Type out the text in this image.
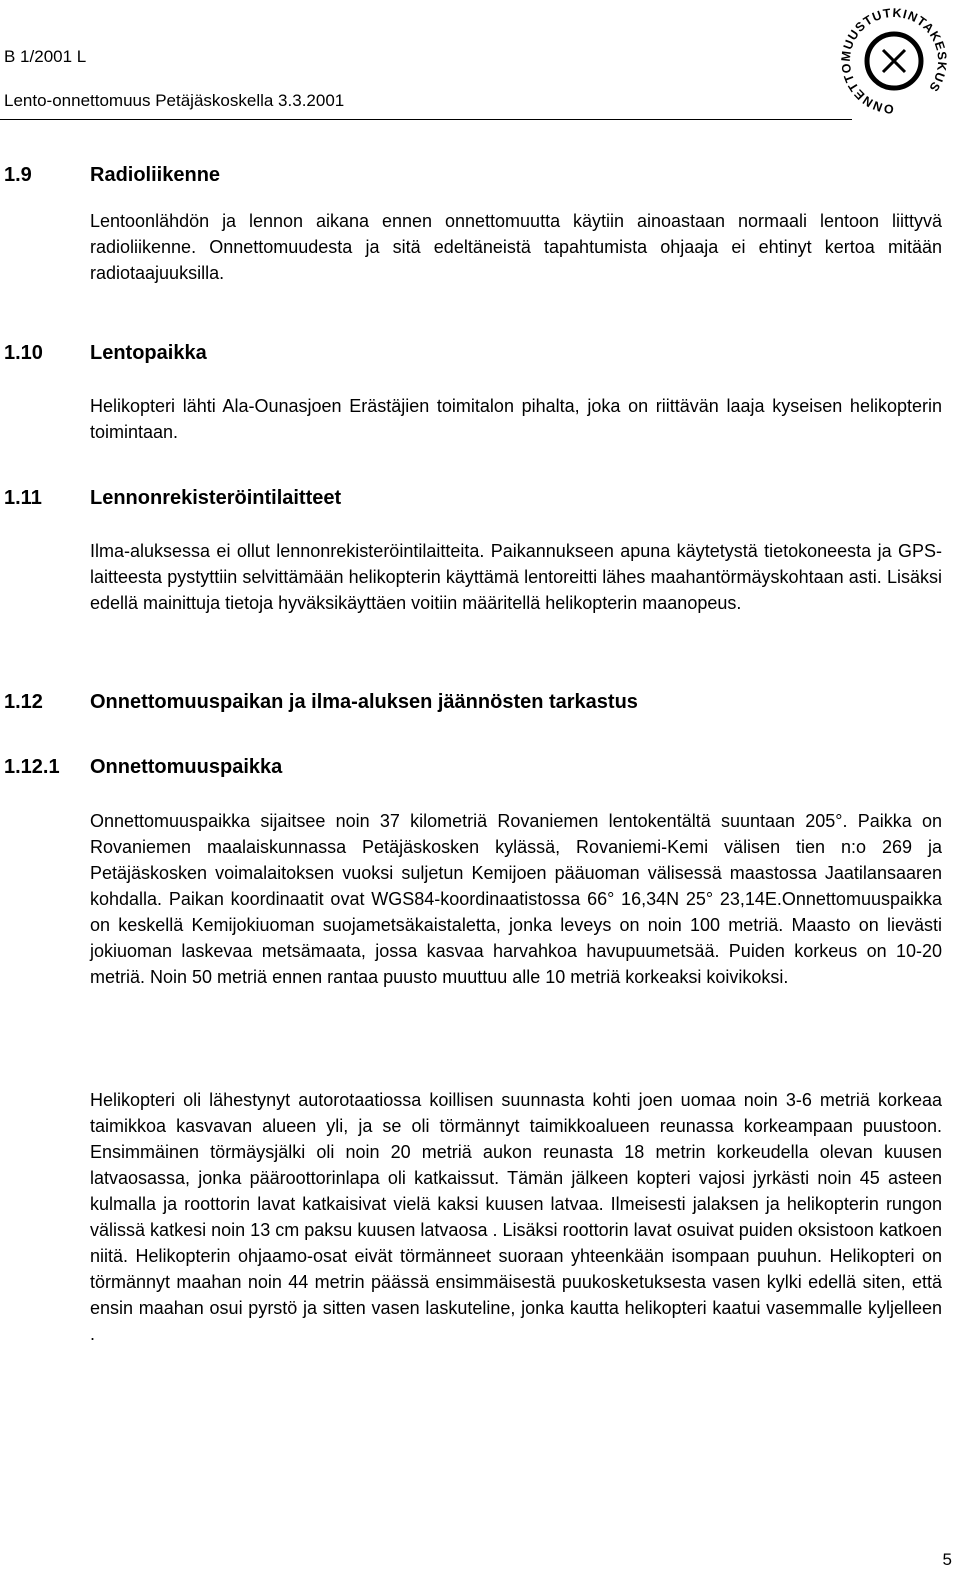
B 1/2001 L
Lento-onnettomuus Petäjäskoskella 3.3.2001	ONNETTOMUUSTUTKINTAKESKUS
1.9	Radioliikenne

Lentoonlähdön ja lennon aikana ennen onnettomuutta käytiin ainoastaan normaali lentoon liittyvä radioliikenne. Onnettomuudesta ja sitä edeltäneistä tapahtumista ohjaaja ei ehtinyt kertoa mitään radiotaajuuksilla.

1.10 Lentopaikka

Helikopteri lähti Ala-Ounasjoen Erästäjien toimitalon pihalta, joka on riittävän laaja kyseisen helikopterin toimintaan.

1.11 Lennonrekisteröintilaitteet

Ilma-aluksessa ei ollut lennonrekisteröintilaitteita. Paikannukseen apuna käytetystä tietokoneesta ja GPS-laitteesta pystyttiin selvittämään helikopterin käyttämä lentoreitti lähes maahantörmäyskohtaan asti. Lisäksi edellä mainittuja tietoja hyväksikäyttäen voitiin määritellä helikopterin maanopeus.

1.12 Onnettomuuspaikan ja ilma-aluksen jäännösten tarkastus
1.12.1 Onnettomuuspaikka

Onnettomuuspaikka sijaitsee noin 37 kilometriä Rovaniemen lentokentältä suuntaan 205°. Paikka on Rovaniemen maalaiskunnassa Petäjäskosken kylässä, Rovaniemi-Kemi välisen tien n:o 269 ja Petäjäskosken voimalaitoksen vuoksi suljetun Kemijoen pääuoman välisessä maastossa Jaatilansaaren kohdalla. Paikan koordinaatit ovat WGS84-koordinaatistossa 66° 16,34N 25° 23,14E.Onnettomuuspaikka on keskellä Kemijokiuoman suojametsäkaistaletta, jonka leveys on noin 100 metriä. Maasto on lievästi jokiuoman laskevaa metsämaata, jossa kasvaa harvahkoa havupuumetsää. Puiden korkeus on 10-20 metriä. Noin 50 metriä ennen rantaa puusto muuttuu alle 10 metriä korkeaksi koivikoksi.

Helikopteri oli lähestynyt autorotaatiossa koillisen suunnasta kohti joen uomaa noin 3-6 metriä korkeaa taimikkoa kasvavan alueen yli, ja se oli törmännyt taimikkoalueen reunassa korkeampaan puustoon. Ensimmäinen törmäysjälki oli noin 20 metriä aukon reunasta 18 metrin korkeudella olevan kuusen latvaosassa, jonka pääroottorinlapa oli katkaissut. Tämän jälkeen kopteri vajosi jyrkästi noin 45 asteen kulmalla ja roottorin lavat katkaisivat vielä kaksi kuusen latvaa. Ilmeisesti jalaksen ja helikopterin rungon välissä katkesi noin 13 cm paksu kuusen latvaosa . Lisäksi roottorin lavat osuivat puiden oksistoon katkoen niitä. Helikopterin ohjaamo-osat eivät törmänneet suoraan yhteenkään isompaan puuhun. Helikopteri on törmännyt maahan noin 44 metrin päässä ensimmäisestä puukosketuksesta vasen kylki edellä siten, että ensin maahan osui pyrstö ja sitten vasen laskuteline, jonka kautta helikopteri kaatui vasemmalle kyljelleen .

5
